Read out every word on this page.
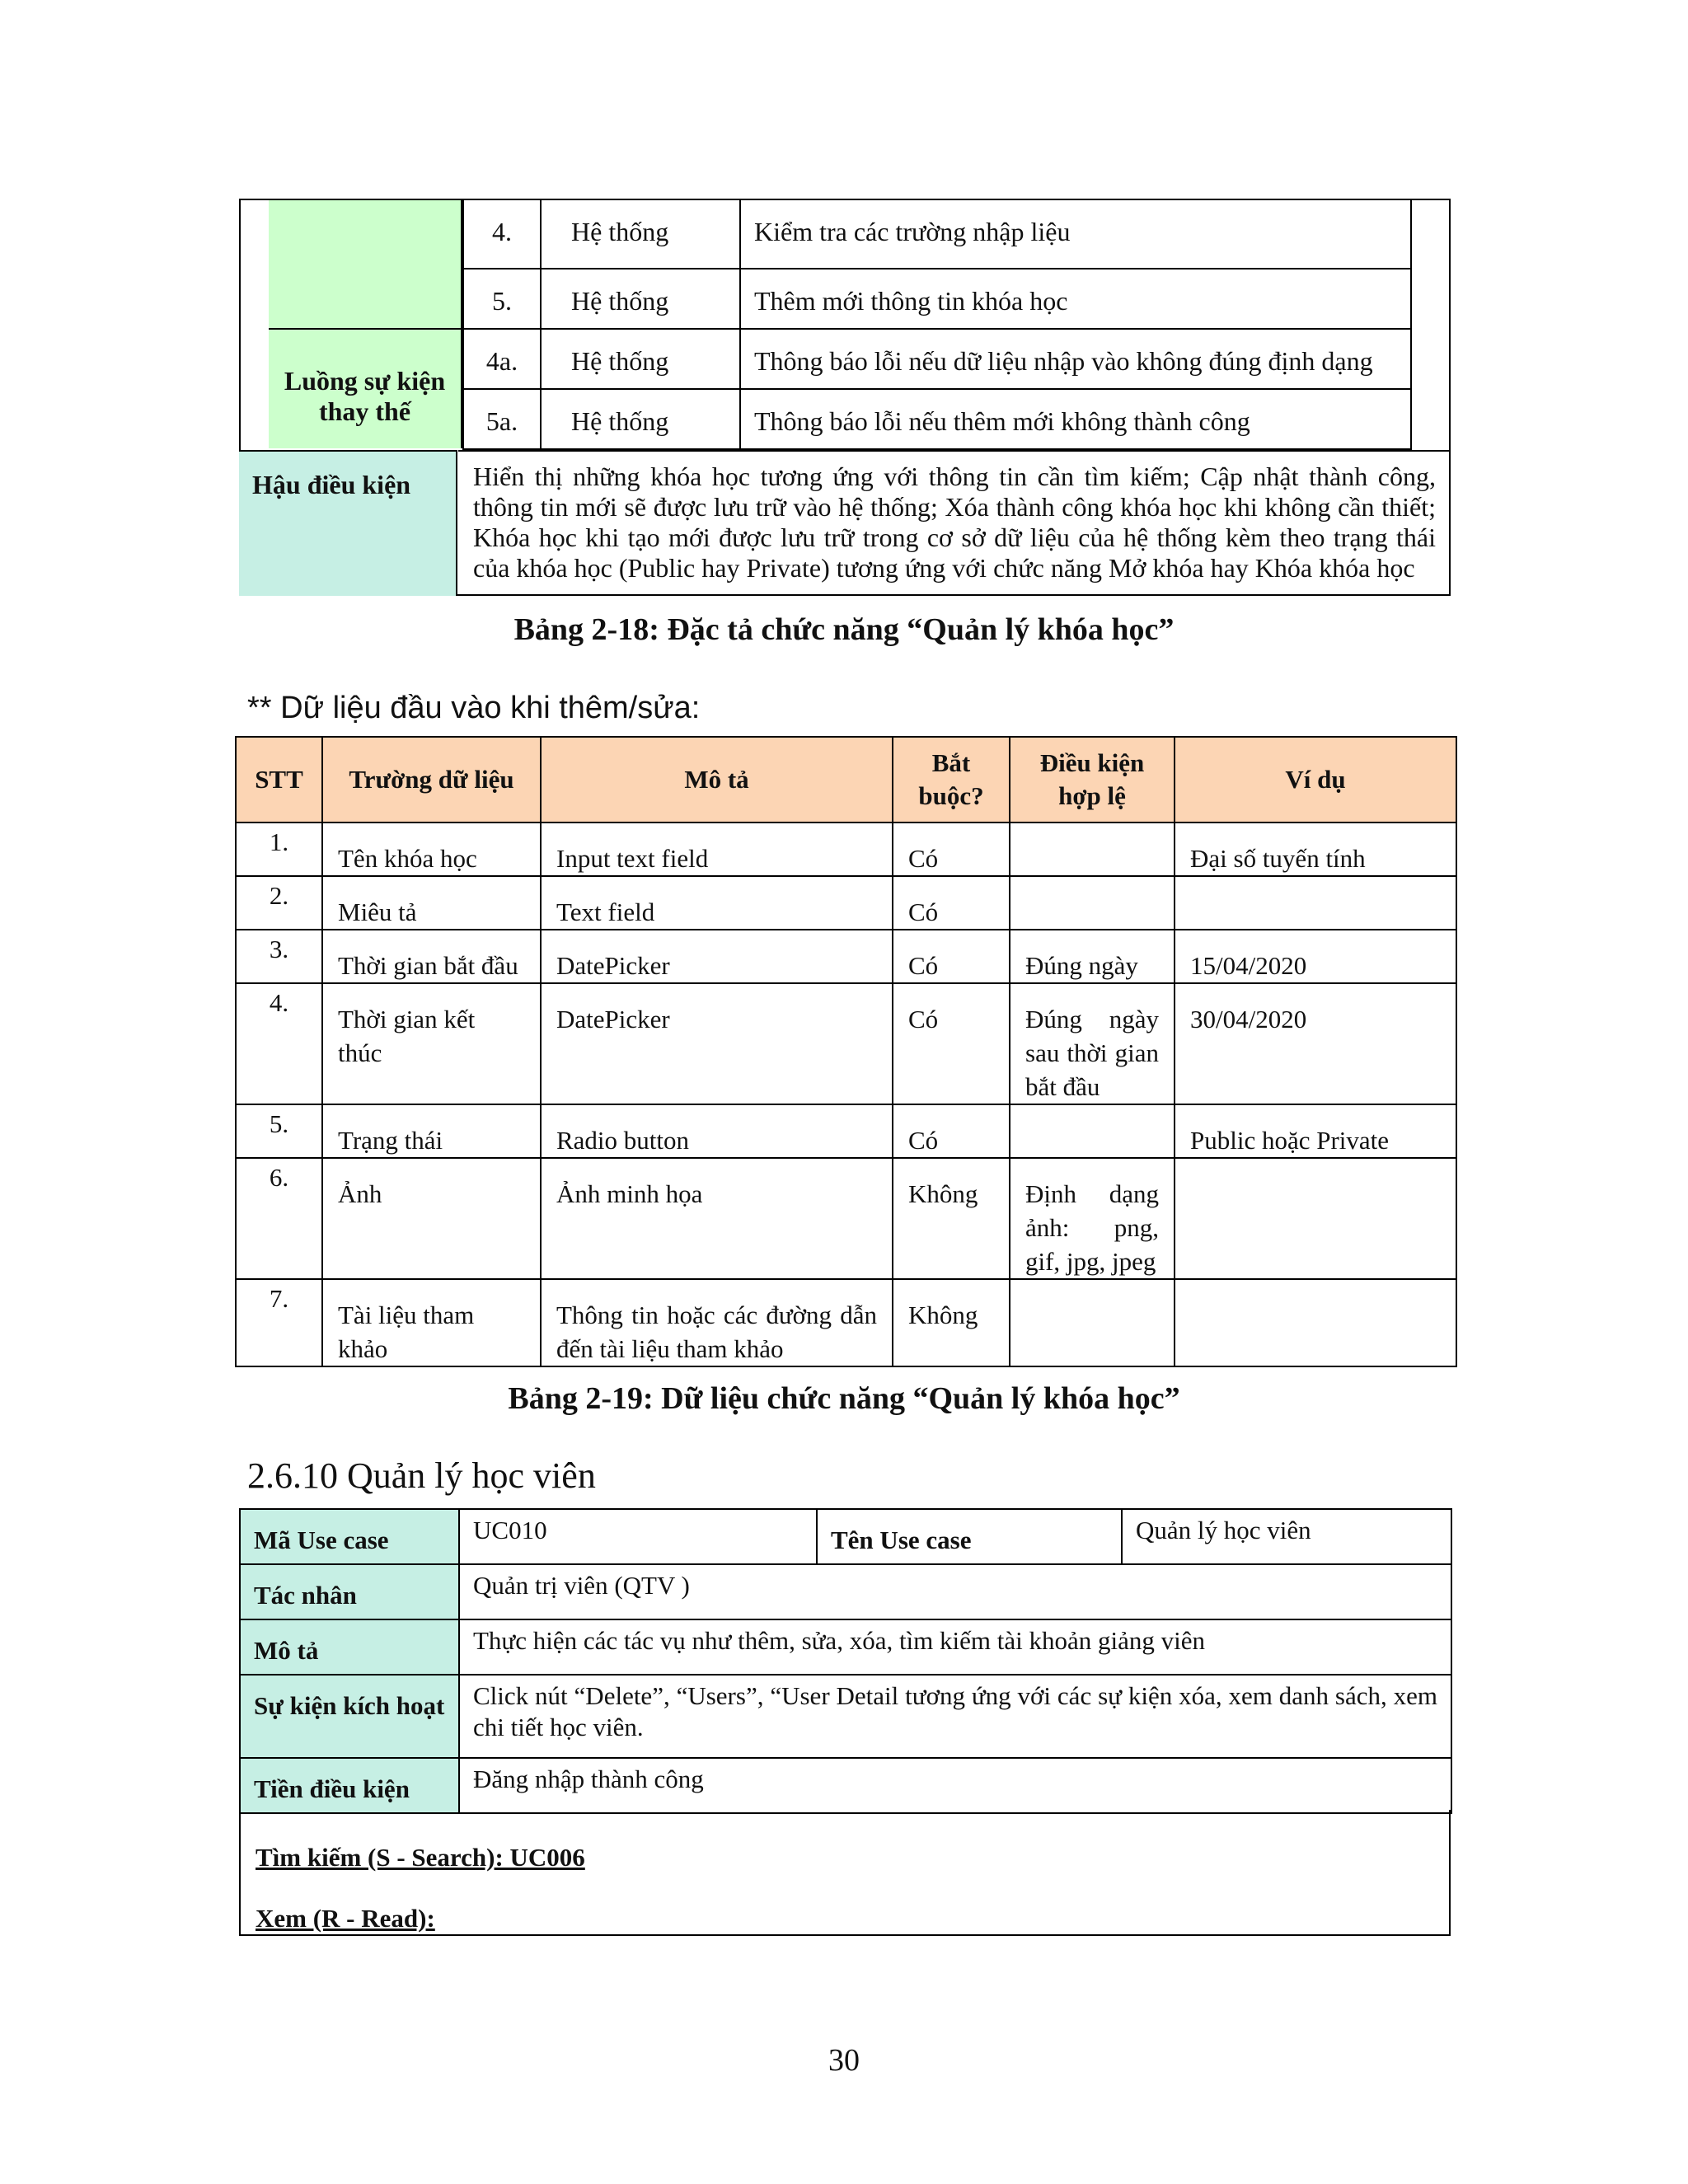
Luồng sự kiện thay thế
4.	Hệ thống	Kiểm tra các trường nhập liệu
5.	Hệ thống	Thêm mới thông tin khóa học
4a.	Hệ thống	Thông báo lỗi nếu dữ liệu nhập vào không đúng định dạng
5a.	Hệ thống	Thông báo lỗi nếu thêm mới không thành công
Hậu điều kiện	Hiển thị những khóa học tương ứng với thông tin cần tìm kiếm; Cập nhật thành công, thông tin mới sẽ được lưu trữ vào hệ thống; Xóa thành công khóa học khi không cần thiết; Khóa học khi tạo mới được lưu trữ trong cơ sở dữ liệu của hệ thống kèm theo trạng thái của khóa học (Public hay Private) tương ứng với chức năng Mở khóa hay Khóa khóa học
Bảng 2-18: Đặc tả chức năng “Quản lý khóa học”
** Dữ liệu đầu vào khi thêm/sửa:
STT	Trường dữ liệu	Mô tả	Bắt buộc?	Điều kiện hợp lệ	Ví dụ

1.	Tên khóa học	Input text field	Có		Đại số tuyến tính

2.	Miêu tả	Text field	Có		

3.	Thời gian bắt đầu	DatePicker	Có	Đúng ngày	15/04/2020

4.	Thời gian kết thúc	DatePicker	Có	Đúng ngày sau thời gian bắt đầu	30/04/2020

5.	Trạng thái	Radio button	Có		Public hoặc Private

6.	Ảnh	Ảnh minh họa	Không	Định dạng ảnh: png, gif, jpg, jpeg	

7.	Tài liệu tham khảo	Thông tin hoặc các đường dẫn đến tài liệu tham khảo	Không		

Bảng 2-19: Dữ liệu chức năng “Quản lý khóa học”
2.6.10 Quản lý học viên
Mã Use case	UC010	Tên Use case	Quản lý học viên
Tác nhân	Quản trị viên (QTV )		
Mô tả	Thực hiện các tác vụ như thêm, sửa, xóa, tìm kiếm tài khoản giảng viên		
Sự kiện kích hoạt	Click nút “Delete”, “Users”, “User Detail tương ứng với các sự kiện xóa, xem danh sách, xem chi tiết học viên.		
Tiền điều kiện	Đăng nhập thành công		
Tìm kiếm (S - Search): UC006
Xem (R - Read):
30
